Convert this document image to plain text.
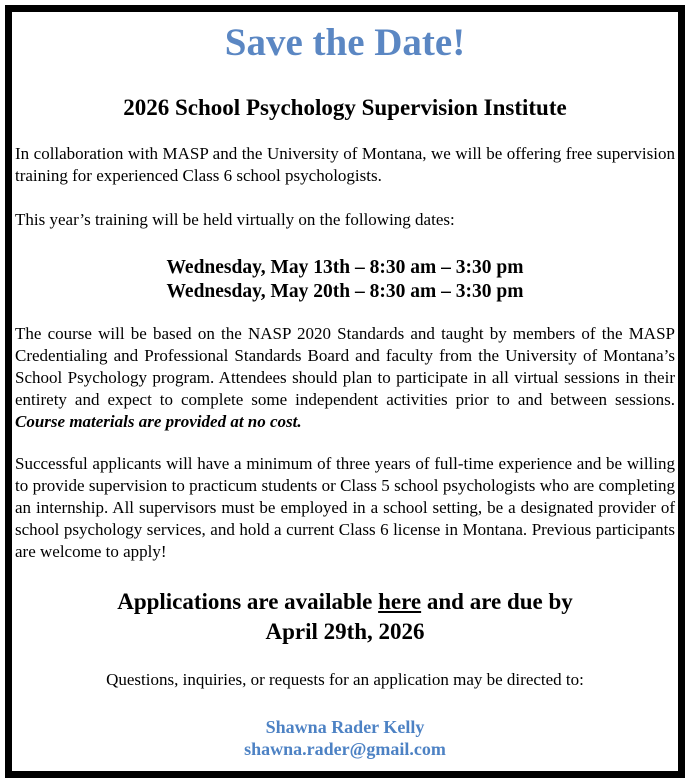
Save the Date!
2026 School Psychology Supervision Institute

In collaboration with MASP and the University of Montana, we will be offering free supervision training for experienced Class 6 school psychologists.

This year’s training will be held virtually on the following dates:

Wednesday, May 13th – 8:30 am – 3:30 pm
Wednesday, May 20th – 8:30 am – 3:30 pm

The course will be based on the NASP 2020 Standards and taught by members of the MASP Credentialing and Professional Standards Board and faculty from the University of Montana’s School Psychology program. Attendees should plan to participate in all virtual sessions in their entirety and expect to complete some independent activities prior to and between sessions. Course materials are provided at no cost.

Successful applicants will have a minimum of three years of full-time experience and be willing to provide supervision to practicum students or Class 5 school psychologists who are completing an internship. All supervisors must be employed in a school setting, be a designated provider of school psychology services, and hold a current Class 6 license in Montana. Previous participants are welcome to apply!

Applications are available here and are due by
April 29th, 2026

Questions, inquiries, or requests for an application may be directed to:

Shawna Rader Kelly
shawna.rader@gmail.com
